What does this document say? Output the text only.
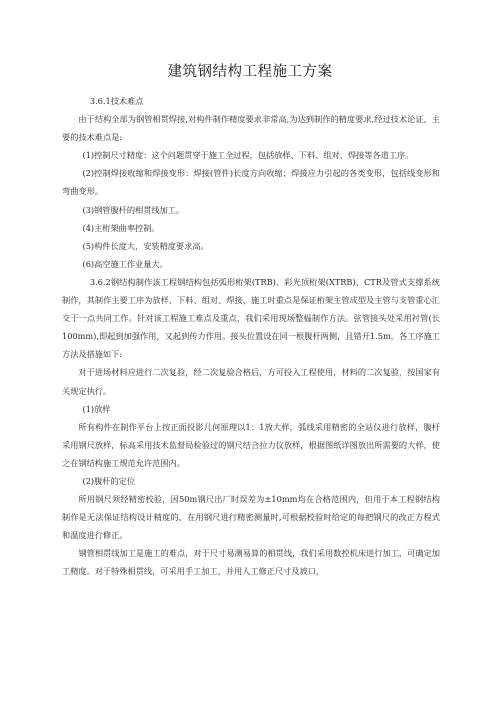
建筑钢结构工程施工方案

3.6.1技术难点

由于结构全部为钢管相贯焊接,对构件制作精度要求非常高,为达到制作的精度要求,经过技术论证，主要的技术难点是:

(1)控制尺寸精度：这个问题贯穿于施工全过程，包括放样、下料、组对、焊接等各道工序。

(2)控制焊接收缩和焊接变形：焊接(管件)长度方向收缩；焊接应力引起的各类变形，包括线变形和弯曲变形。

(3)钢管腹杆的相贯线加工。

(4)主桁架曲率控制。

(5)构件长度大，安装精度要求高。

(6)高空施工作业量大。

3.6.2钢结构制作该工程钢结构包括弧形桁架(TRB)、彩光顶桁架(XTRB)、CTR及管式支撑系统制作，其制作主要工序为放样、下料、组对、焊接，施工时重点是保证桁架主管成型及主管与支管重心汇交于一点共同工作。针对该工程施工难点及重点，我们采用现场整榀制作方法。弦管接头处采用衬管(长100mm),即起到加强作用，又起到传力作用。接头位置设在同一根腹杆两侧，且错开1.5m。各工序施工方法及措施如下:

对于进场材料应进行二次复验，经二次复验合格后，方可投入工程使用，材料的二次复验，按国家有关规定执行。

(1)放样

所有构件在制作平台上按正面投影几何原理以1：1放大样，弧线采用精密的全站仪进行放样，腹杆采用钢尺放样，标高采用技术监督局检验过的钢尺结合拉力仪放样，根据图纸详图放出所需要的大样，使之在钢结构施工规范允许范围内。

(2)腹杆的定位

所用钢尺须经精密校验，因50m钢尺出厂时误差为±10mm均在合格范围内，但用于本工程钢结构制作是无法保证结构设计精度的，在用钢尺进行精密测量时,可根据校验时给定的每把钢尺的改正方程式和温度进行修正。

钢管相贯线加工是施工的难点，对于尺寸易测易算的相贯线，我们采用数控机床进行加工，可确定加工精度。对于特殊相贯线，可采用手工加工，并用人工修正尺寸及坡口，
